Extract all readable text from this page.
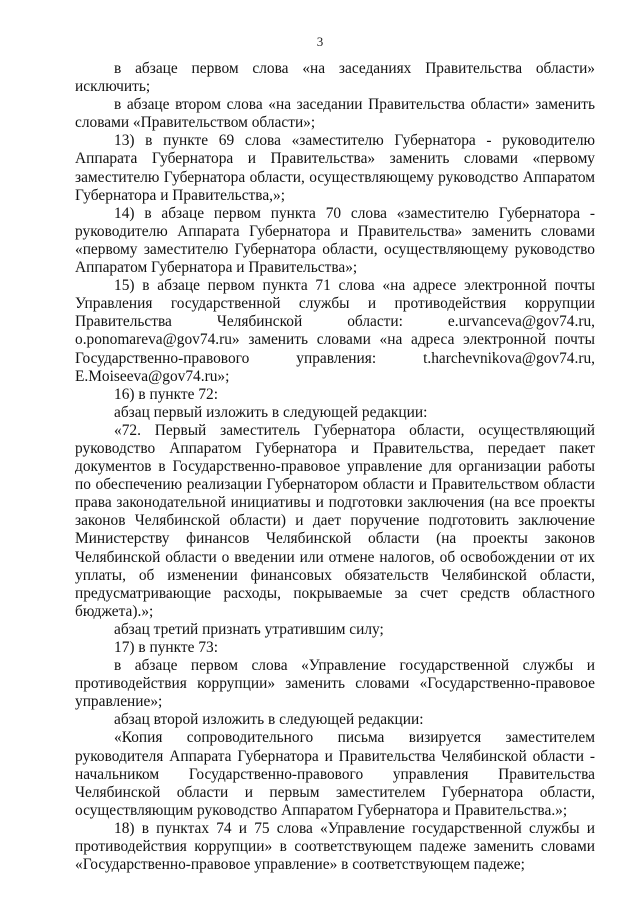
3

в абзаце первом слова «на заседаниях Правительства области» исключить;

в абзаце втором слова «на заседании Правительства области» заменить словами «Правительством области»;

13) в пункте 69 слова «заместителю Губернатора - руководителю Аппарата Губернатора и Правительства» заменить словами «первому заместителю Губернатора области, осуществляющему руководство Аппаратом Губернатора и Правительства,»;

14) в абзаце первом пункта 70 слова «заместителю Губернатора - руководителю Аппарата Губернатора и Правительства» заменить словами «первому заместителю Губернатора области, осуществляющему руководство Аппаратом Губернатора и Правительства»;

15) в абзаце первом пункта 71 слова «на адресе электронной почты Управления государственной службы и противодействия коррупции Правительства Челябинской области: e.urvanceva@gov74.ru, o.ponomareva@gov74.ru» заменить словами «на адреса электронной почты Государственно-правового управления: t.harchevnikova@gov74.ru, E.Moiseeva@gov74.ru»;

16) в пункте 72:

абзац первый изложить в следующей редакции:

«72. Первый заместитель Губернатора области, осуществляющий руководство Аппаратом Губернатора и Правительства, передает пакет документов в Государственно-правовое управление для организации работы по обеспечению реализации Губернатором области и Правительством области права законодательной инициативы и подготовки заключения (на все проекты законов Челябинской области) и дает поручение подготовить заключение Министерству финансов Челябинской области (на проекты законов Челябинской области о введении или отмене налогов, об освобождении от их уплаты, об изменении финансовых обязательств Челябинской области, предусматривающие расходы, покрываемые за счет средств областного бюджета).»;

абзац третий признать утратившим силу;

17) в пункте 73:

в абзаце первом слова «Управление государственной службы и противодействия коррупции» заменить словами «Государственно-правовое управление»;

абзац второй изложить в следующей редакции:

«Копия сопроводительного письма визируется заместителем руководителя Аппарата Губернатора и Правительства Челябинской области - начальником Государственно-правового управления Правительства Челябинской области и первым заместителем Губернатора области, осуществляющим руководство Аппаратом Губернатора и Правительства.»;

18) в пунктах 74 и 75 слова «Управление государственной службы и противодействия коррупции» в соответствующем падеже заменить словами «Государственно-правовое управление» в соответствующем падеже;
